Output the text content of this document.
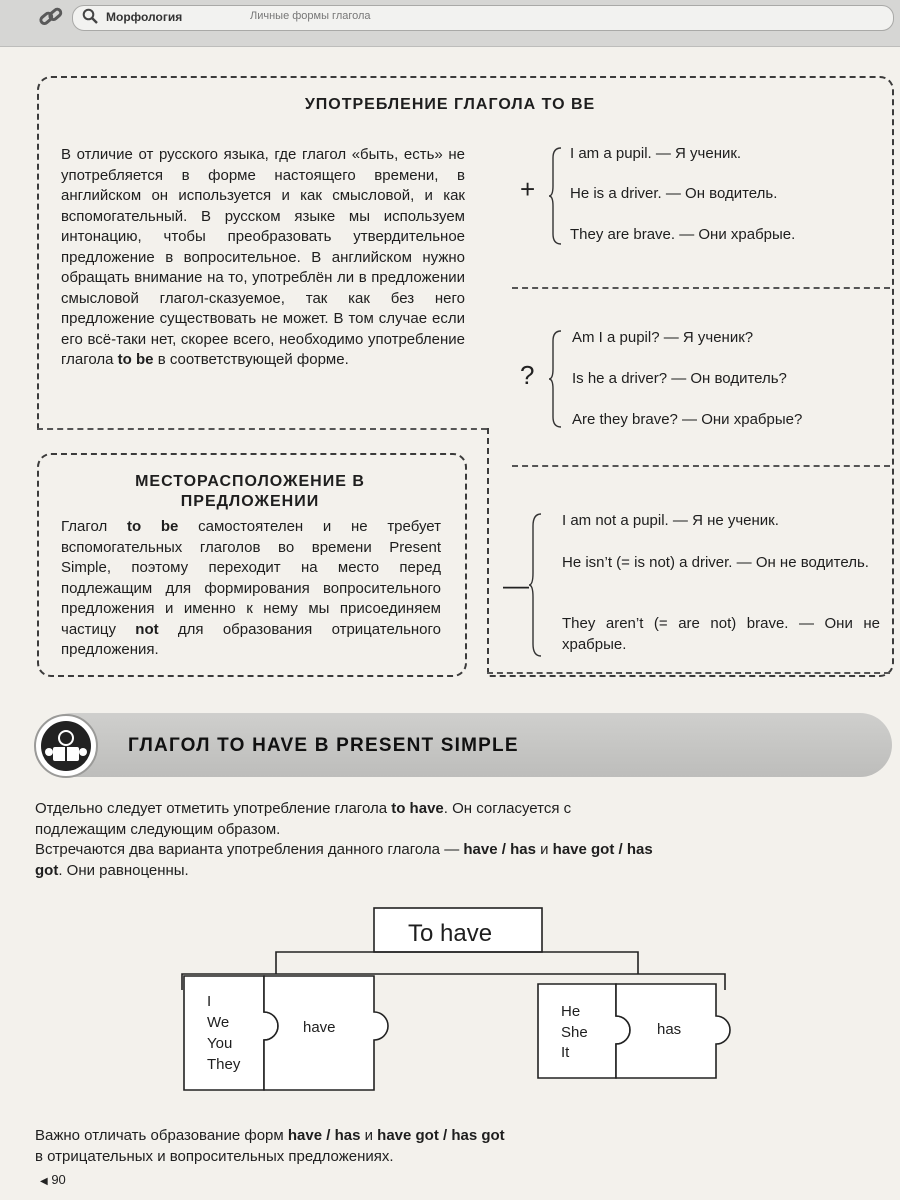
Морфология	Личные формы глагола
УПОТРЕБЛЕНИЕ ГЛАГОЛА TO BE

В отличие от русского языка, где глагол «быть, есть» не употребляется в форме настоящего времени, в английском он используется и как смысловой, и как вспомогательный. В русском языке мы используем интонацию, чтобы преобразовать утвердительное предложение в вопросительное. В английском нужно обращать внимание на то, употреблён ли в предложении смысловой глагол-сказуемое, так как без него предложение существовать не может. В том случае если его всё-таки нет, скорее всего, необходимо употребление глагола to be в соответствующей форме.

+
I am a pupil. — Я ученик.
He is a driver. — Он водитель.
They are brave. — Они храбрые.
?
Am I a pupil? — Я ученик?
Is he a driver? — Он водитель?
Are they brave? — Они храбрые?
—
I am not a pupil. — Я не ученик.
He isn’t (= is not) a driver. — Он не водитель.
They aren’t (= are not) brave. — Они не храбрые.
МЕСТОРАСПОЛОЖЕНИЕ В ПРЕДЛОЖЕНИИ

Глагол to be самостоятелен и не требует вспомогательных глаголов во времени Present Simple, поэтому переходит на место перед подлежащим для формирования вопросительного предложения и именно к нему мы присоединяем частицу not для образования отрицательного предложения.

ГЛАГОЛ TO HAVE В PRESENT SIMPLE

Отдельно следует отметить употребление глагола to have. Он согласуется с подлежащим следующим образом.
Встречаются два варианта употребления данного глагола — have / has и have got / has got. Они равноценны.

To have
I
We
You
They
have
He
She
It
has

Важно отличать образование форм have / has и have got / has got
в отрицательных и вопросительных предложениях.

◀ 90
